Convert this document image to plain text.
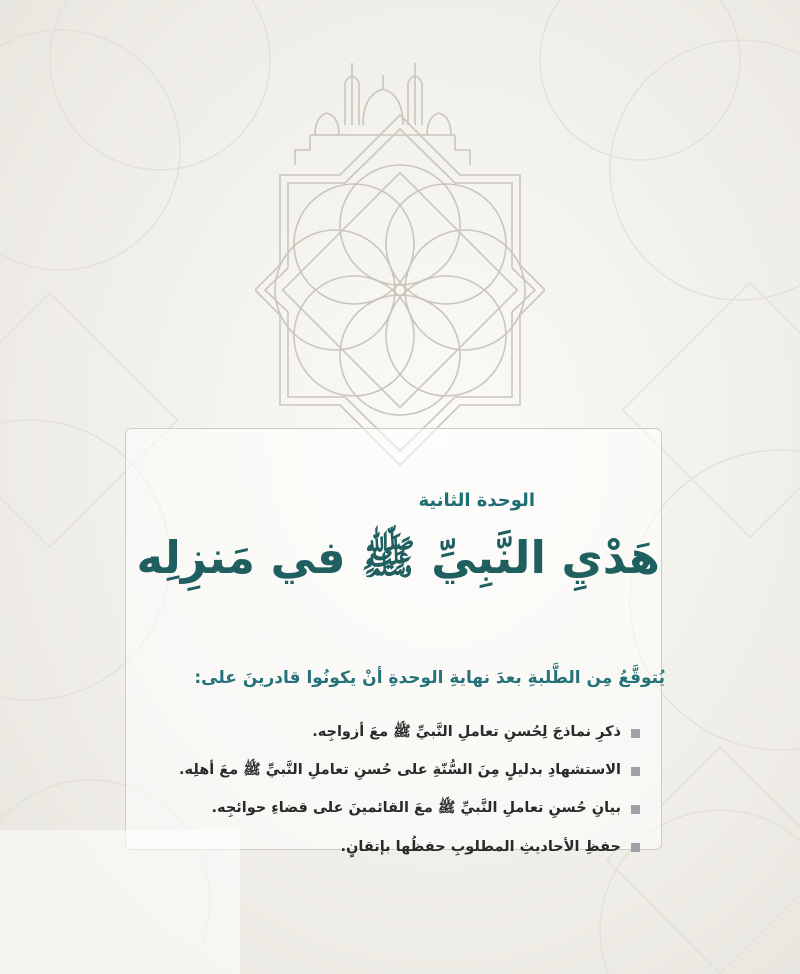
الوحدة الثانية
هَدْيِ النَّبِيِّ ﷺ في مَنزِلِه
يُتوقَّعُ مِن الطَّلبةِ بعدَ نهايةِ الوحدةِ أنْ يكونُوا قادرينَ على:
ذكرِ نماذجَ لِحُسنِ تعاملِ النَّبيِّ ﷺ معَ أزواجِه.
الاستشهادِ بدليلٍ مِنَ السُّنّةِ على حُسنِ تعاملِ النَّبيِّ ﷺ معَ أهلِه.
بيانِ حُسنِ تعاملِ النَّبيِّ ﷺ معَ القائمينَ على قضاءِ حوائجِه.
حفظِ الأحاديثِ المطلوبِ حفظُها بإتقانٍ.
